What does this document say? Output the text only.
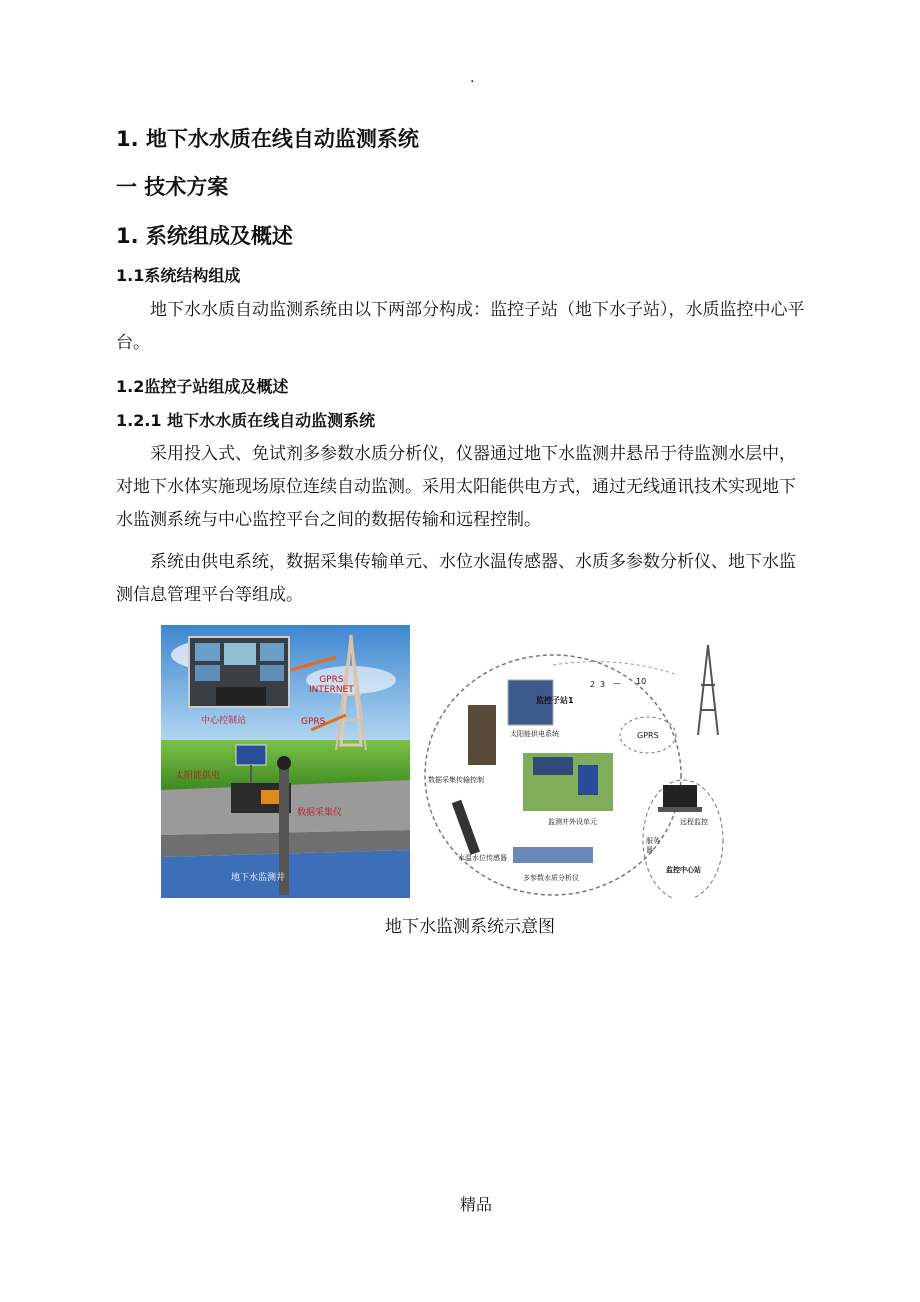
.
1. 地下水水质在线自动监测系统
一 技术方案
1. 系统组成及概述
1.1系统结构组成

地下水水质自动监测系统由以下两部分构成：监控子站（地下水子站），水质监控中心平台。

1.2监控子站组成及概述
1.2.1 地下水水质在线自动监测系统

采用投入式、免试剂多参数水质分析仪，仪器通过地下水监测井悬吊于待监测水层中，对地下水体实施现场原位连续自动监测。采用太阳能供电方式，通过无线通讯技术实现地下水监测系统与中心监控平台之间的数据传输和远程控制。

系统由供电系统，数据采集传输单元、水位水温传感器、水质多参数分析仪、地下水监测信息管理平台等组成。

GPRS
INTERNET
中心控制站	GPRS
太阳能供电
数据采集仪
地下水监测井
监控子站1
2 3 — 10
太阳能供电系统	GPRS
数据采集传输控制
监测井外设单元
水温水位传感器
多参数水质分析仪
远程监控
服务器
监控中心站
地下水监测系统示意图
精品
